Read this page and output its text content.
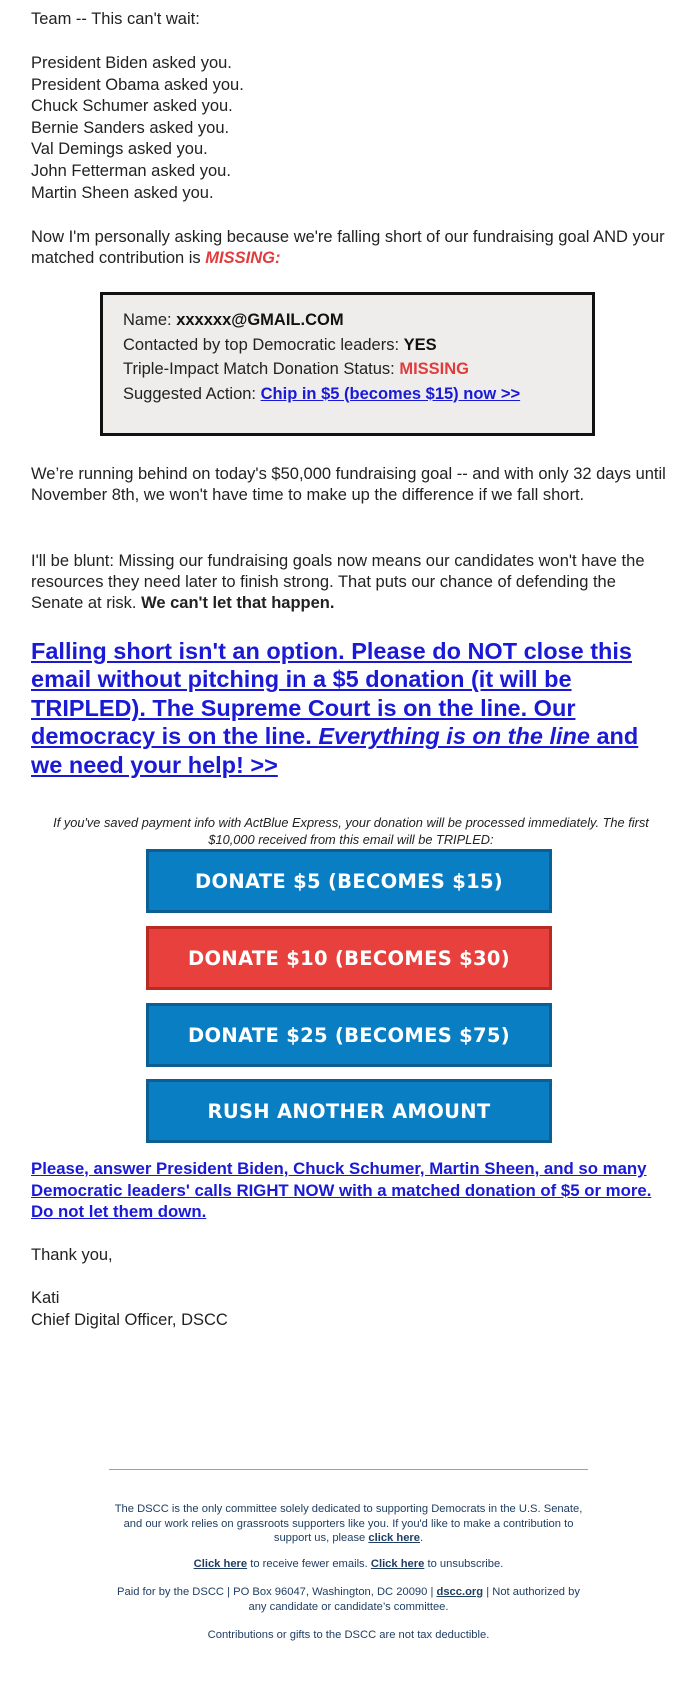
Team -- This can't wait:

President Biden asked you.
President Obama asked you.
Chuck Schumer asked you.
Bernie Sanders asked you.
Val Demings asked you.
John Fetterman asked you.
Martin Sheen asked you.

Now I'm personally asking because we're falling short of our fundraising goal AND your matched contribution is MISSING:

Name: xxxxxx@GMAIL.COM
Contacted by top Democratic leaders: YES
Triple-Impact Match Donation Status: MISSING
Suggested Action: Chip in $5 (becomes $15) now >>

We’re running behind on today's $50,000 fundraising goal -- and with only 32 days until November 8th, we won't have time to make up the difference if we fall short.

I'll be blunt: Missing our fundraising goals now means our candidates won't have the resources they need later to finish strong. That puts our chance of defending the Senate at risk. We can't let that happen.

Falling short isn't an option. Please do NOT close this email without pitching in a $5 donation (it will be TRIPLED). The Supreme Court is on the line. Our democracy is on the line. Everything is on the line and we need your help! >>

If you've saved payment info with ActBlue Express, your donation will be processed immediately. The first $10,000 received from this email will be TRIPLED:

DONATE $5 (BECOMES $15)
DONATE $10 (BECOMES $30)
DONATE $25 (BECOMES $75)
RUSH ANOTHER AMOUNT

Please, answer President Biden, Chuck Schumer, Martin Sheen, and so many Democratic leaders' calls RIGHT NOW with a matched donation of $5 or more. Do not let them down.

Thank you,

Kati
Chief Digital Officer, DSCC

The DSCC is the only committee solely dedicated to supporting Democrats in the U.S. Senate, and our work relies on grassroots supporters like you. If you'd like to make a contribution to support us, please click here.

Click here to receive fewer emails. Click here to unsubscribe.

Paid for by the DSCC | PO Box 96047, Washington, DC 20090 | dscc.org | Not authorized by any candidate or candidate’s committee.

Contributions or gifts to the DSCC are not tax deductible.
